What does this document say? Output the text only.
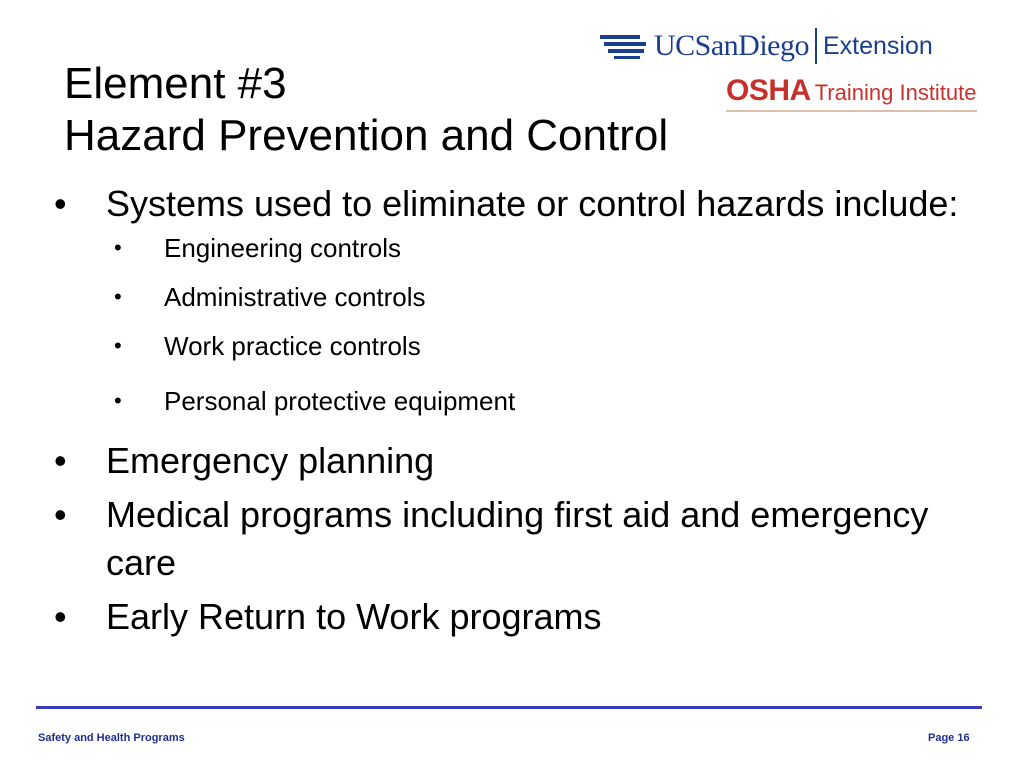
Element #3
Hazard Prevention and Control
UCSanDiego Extension
OSHA Training Institute
• Systems used to eliminate or control hazards include:
• Engineering controls
• Administrative controls
• Work practice controls
• Personal protective equipment
• Emergency planning
• Medical programs including first aid and emergency care
• Early Return to Work programs
Safety and Health Programs	Page 16
